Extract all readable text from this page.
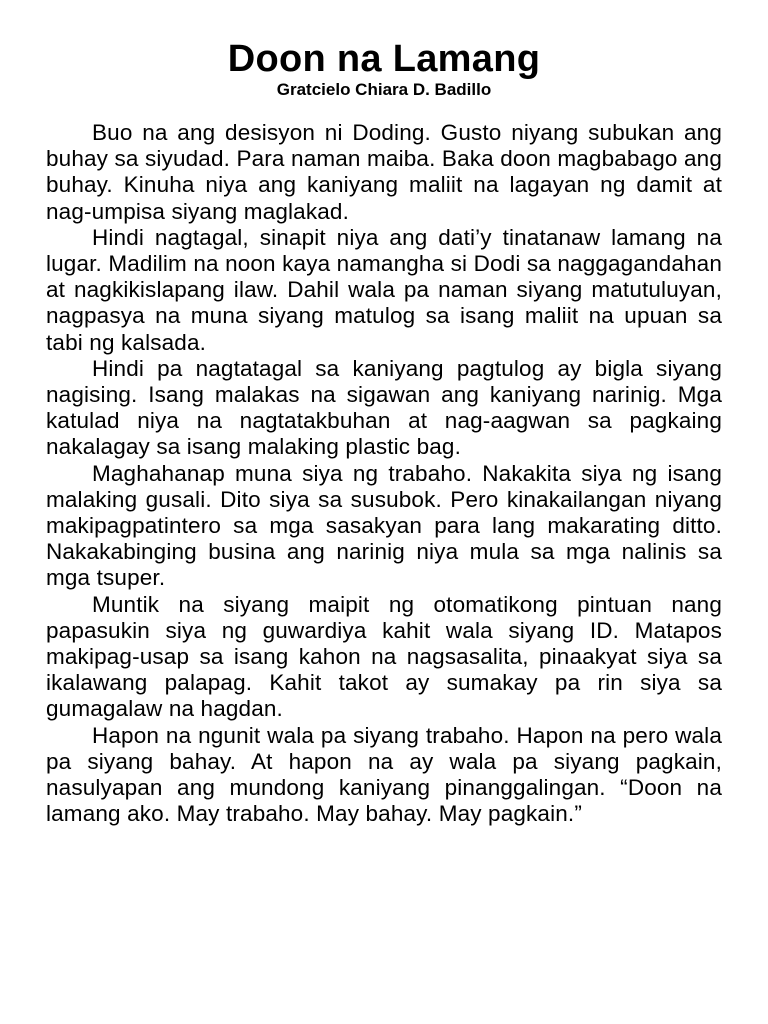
Doon na Lamang
Gratcielo Chiara D. Badillo

Buo na ang desisyon ni Doding. Gusto niyang subukan ang buhay sa siyudad. Para naman maiba. Baka doon magbabago ang buhay. Kinuha niya ang kaniyang maliit na lagayan ng damit at nag-umpisa siyang maglakad.

Hindi nagtagal, sinapit niya ang dati’y tinatanaw lamang na lugar. Madilim na noon kaya namangha si Dodi sa naggagandahan at nagkikislapang ilaw. Dahil wala pa naman siyang matutuluyan, nagpasya na muna siyang matulog sa isang maliit na upuan sa tabi ng kalsada.

Hindi pa nagtatagal sa kaniyang pagtulog ay bigla siyang nagising. Isang malakas na sigawan ang kaniyang narinig. Mga katulad niya na nagtatakbuhan at nag-aagwan sa pagkaing nakalagay sa isang malaking plastic bag.

Maghahanap muna siya ng trabaho. Nakakita siya ng isang malaking gusali. Dito siya sa susubok. Pero kinakailangan niyang makipagpatintero sa mga sasakyan para lang makarating ditto. Nakakabinging busina ang narinig niya mula sa mga nalinis sa mga tsuper.

Muntik na siyang maipit ng otomatikong pintuan nang papasukin siya ng guwardiya kahit wala siyang ID. Matapos makipag-usap sa isang kahon na nagsasalita, pinaakyat siya sa ikalawang palapag. Kahit takot ay sumakay pa rin siya sa gumagalaw na hagdan.

Hapon na ngunit wala pa siyang trabaho. Hapon na pero wala pa siyang bahay. At hapon na ay wala pa siyang pagkain, nasulyapan ang mundong kaniyang pinanggalingan. “Doon na lamang ako. May trabaho. May bahay. May pagkain.”
